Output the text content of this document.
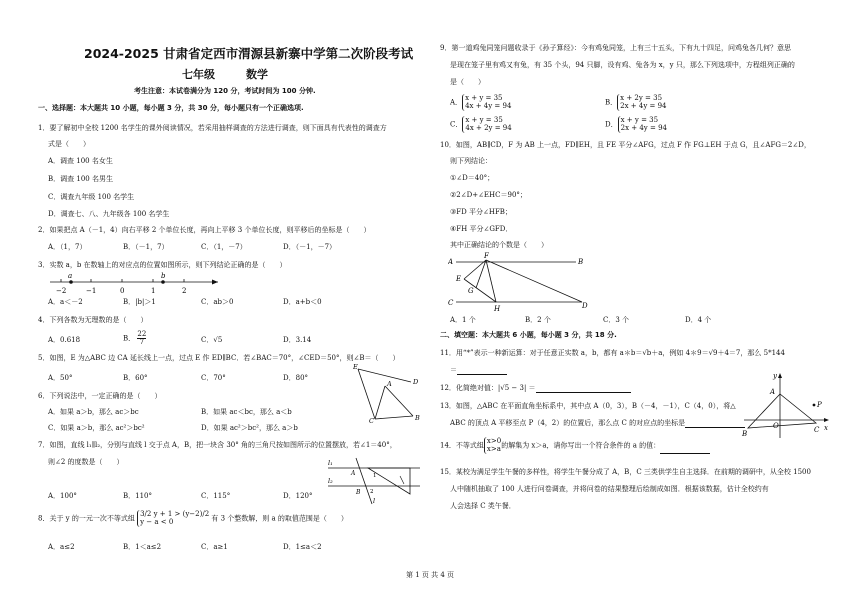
2024-2025 甘肃省定西市渭源县新寨中学第二次阶段考试
七年级	数学
考生注意：本试卷满分为 120 分，考试时间为 100 分钟.
一、选择题：本大题共 10 小题，每小题 3 分，共 30 分，每小题只有一个正确选项.
1．要了解初中全校 1200 名学生的课外阅读情况，若采用抽样调查的方法进行调查，则下面具有代表性的调查方
式是（　　）
A．调查 100 名女生
B．调查 100 名男生
C．调查九年级 100 名学生
D．调查七、八、九年级各 100 名学生
2．如果把点 A（－1，4）向右平移 2 个单位长度，再向上平移 3 个单位长度，则平移后的坐标是（　　）
A．（1，7）	B．（－1，7）	C．（1，－7）	D．（－1，－7）
3．实数 a，b 在数轴上的对应点的位置如图所示，则下列结论正确的是（　　）
a	b
−2	−1	0	1	2
A．a＜－2	B．|b|＞1	C．ab＞0	D．a+b＜0
4．下列各数为无理数的是（　　）
A．0.618	B． $\frac{22}{7}$	C．√5	D．3.14
5．如图，E 为△ABC 边 CA 延长线上一点，过点 E 作 ED∥BC．若∠BAC＝70°，∠CED＝50°，则∠B＝（　　）
E
D
A
B
C
A．50°	B．60°	C．70°	D．80°
6．下列说法中，一定正确的是（　　）
A．如果 a＞b，那么 ac＞bc	B．如果 ac＜bc，那么 a＜b
C．如果 a＞b，那么 ac²＞bc²	D．如果 ac²＞bc²，那么 a＞b
7．如图，直线 l₁∥l₂，分别与直线 l 交于点 A，B，把一块含 30° 角的三角尺按如图所示的位置摆放，若∠1＝40°，
则∠2 的度数是（　　）	l₁
l₂
l
A
B
1
2
A．100°	B．110°	C．115°	D．120°
8．关于 y 的一元一次不等式组
3/2 y + 1 > (y−2)/2
y − a < 0	有 3 个整数解，则 a 的取值范围是（　　）
A．a≤2	B．1＜a≤2	C．a≥1	D．1≤a＜2
9．第一道鸡兔同笼问题收录于《孙子算经》：今有鸡兔同笼，上有三十五头，下有九十四足，问鸡兔各几何？意思
是现在笼子里有鸡又有兔，有 35 个头，94 只脚，设有鸡、兔各为 x，y 只，那么下列选项中，方程组列正确的
是（　　）
A．
x + y = 35
4x + 4y = 94	B．
x + 2y = 35
2x + 4y = 94
C．
x + y = 35
4x + 2y = 94	D．
x + y = 35
2x + 4y = 94
10．如图，AB∥CD，F 为 AB 上一点，FD∥EH，且 FE 平分∠AFG，过点 F 作 FG⊥EH 于点 G，且∠AFG＝2∠D，
则下列结论：
①∠D＝40°；
②2∠D+∠EHC＝90°；
③FD 平分∠HFB；
④FH 平分∠GFD．
其中正确结论的个数是（　　）
A
F
B
E
G
C
H	D
A．1 个	B．2 个	C．3 个	D．4 个
二、填空题：本大题共 6 小题，每小题 3 分，共 18 分.
11．用“*”表示一种新运算：对于任意正实数 a，b，都有 a＊b＝√b＋a，例如 4＊9＝√9＋4＝7，那么 5*144
＝
12．化简绝对值：|√5 − 3| ＝
13．如图，△ABC 在平面直角坐标系中，其中点 A（0，3），B（－4，－1），C（4，0），将△
ABC 的顶点 A 平移至点 P（4，2）的位置后，那么点 C 的对应点的坐标是
y
A
P
O
B	C x
14．不等式组
x>0
x>a 的解集为 x＞a，请你写出一个符合条件的 a 的值：
15．某校为满足学生午餐的多样性，将学生午餐分成了 A，B，C 三类供学生自主选择．在前期的调研中，从全校 1500
人中随机抽取了 100 人进行问卷调查，并将问卷的结果整理后绘制成如图．根据该数据，估计全校约有
人会选择 C 类午餐．
第 1 页 共 4 页
